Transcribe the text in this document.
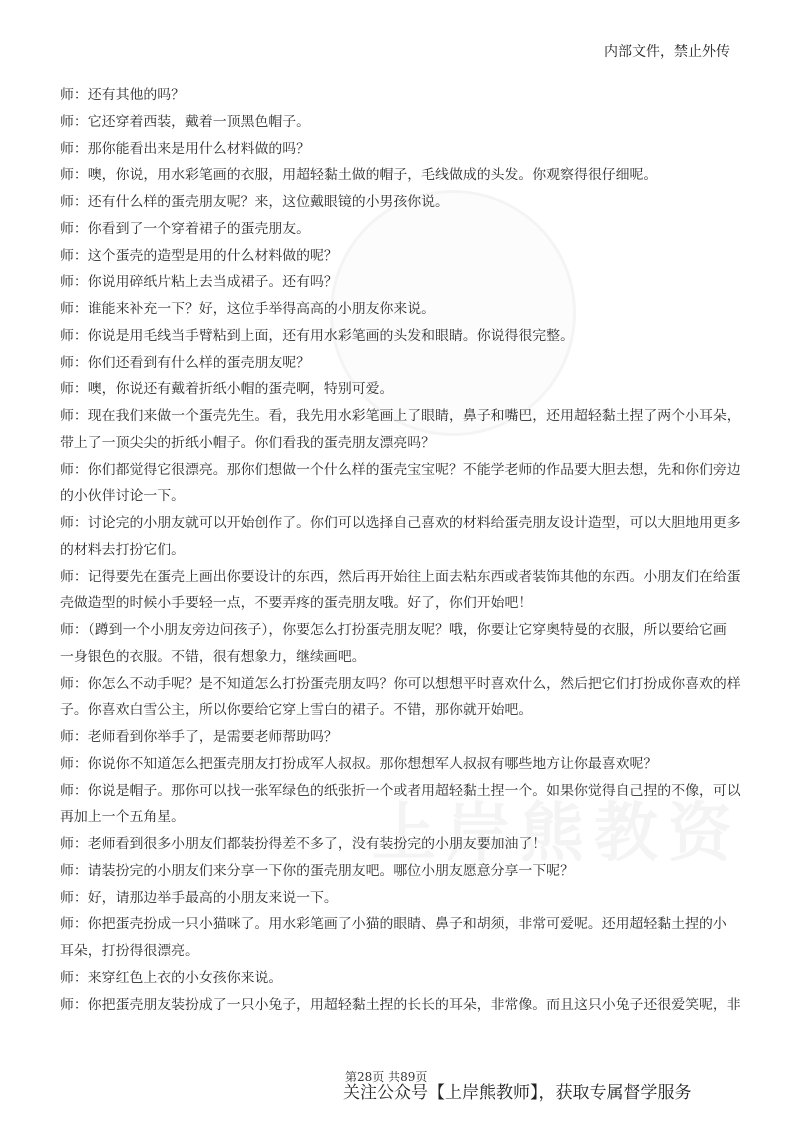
内部文件，禁止外传
师：还有其他的吗？
师：它还穿着西装，戴着一顶黑色帽子。
师：那你能看出来是用什么材料做的吗？
师：噢，你说，用水彩笔画的衣服，用超轻黏土做的帽子，毛线做成的头发。你观察得很仔细呢。
师：还有什么样的蛋壳朋友呢？来，这位戴眼镜的小男孩你说。
师：你看到了一个穿着裙子的蛋壳朋友。
师：这个蛋壳的造型是用的什么材料做的呢？
师：你说用碎纸片粘上去当成裙子。还有吗？
师：谁能来补充一下？好，这位手举得高高的小朋友你来说。
师：你说是用毛线当手臂粘到上面，还有用水彩笔画的头发和眼睛。你说得很完整。
师：你们还看到有什么样的蛋壳朋友呢？
师：噢，你说还有戴着折纸小帽的蛋壳啊，特别可爱。
师：现在我们来做一个蛋壳先生。看，我先用水彩笔画上了眼睛，鼻子和嘴巴，还用超轻黏土捏了两个小耳朵，
带上了一顶尖尖的折纸小帽子。你们看我的蛋壳朋友漂亮吗？
师：你们都觉得它很漂亮。那你们想做一个什么样的蛋壳宝宝呢？不能学老师的作品要大胆去想，先和你们旁边
的小伙伴讨论一下。
师：讨论完的小朋友就可以开始创作了。你们可以选择自己喜欢的材料给蛋壳朋友设计造型，可以大胆地用更多
的材料去打扮它们。
师：记得要先在蛋壳上画出你要设计的东西，然后再开始往上面去粘东西或者装饰其他的东西。小朋友们在给蛋
壳做造型的时候小手要轻一点，不要弄疼的蛋壳朋友哦。好了，你们开始吧！
师：（蹲到一个小朋友旁边问孩子），你要怎么打扮蛋壳朋友呢？哦，你要让它穿奥特曼的衣服，所以要给它画
一身银色的衣服。不错，很有想象力，继续画吧。
师：你怎么不动手呢？是不知道怎么打扮蛋壳朋友吗？你可以想想平时喜欢什么，然后把它们打扮成你喜欢的样
子。你喜欢白雪公主，所以你要给它穿上雪白的裙子。不错，那你就开始吧。
师：老师看到你举手了，是需要老师帮助吗？
师：你说你不知道怎么把蛋壳朋友打扮成军人叔叔。那你想想军人叔叔有哪些地方让你最喜欢呢？
师：你说是帽子。那你可以找一张军绿色的纸张折一个或者用超轻黏土捏一个。如果你觉得自己捏的不像，可以
再加上一个五角星。
师：老师看到很多小朋友们都装扮得差不多了，没有装扮完的小朋友要加油了！
师：请装扮完的小朋友们来分享一下你的蛋壳朋友吧。哪位小朋友愿意分享一下呢？
师：好，请那边举手最高的小朋友来说一下。
师：你把蛋壳扮成一只小猫咪了。用水彩笔画了小猫的眼睛、鼻子和胡须，非常可爱呢。还用超轻黏土捏的小
耳朵，打扮得很漂亮。
师：来穿红色上衣的小女孩你来说。
师：你把蛋壳朋友装扮成了一只小兔子，用超轻黏土捏的长长的耳朵，非常像。而且这只小兔子还很爱笑呢，非
第28页 共89页
关注公众号【上岸熊教师】，获取专属督学服务
